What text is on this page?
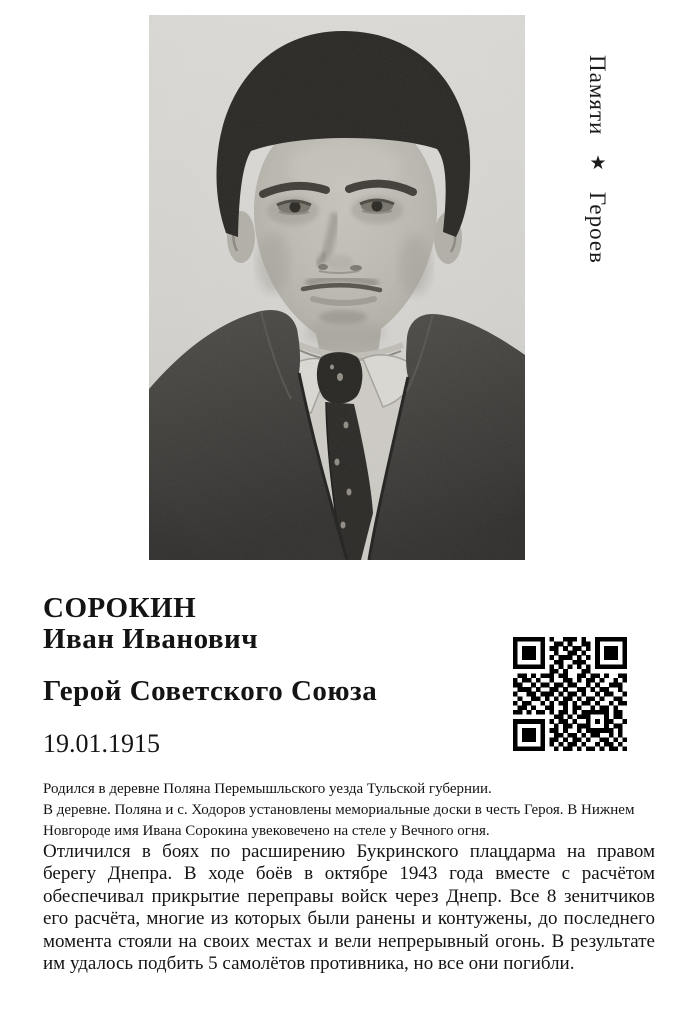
Памяти ★ Героев
СОРОКИН
Иван Иванович
Герой Советского Союза
19.01.1915

Родился в деревне Поляна Перемышльского уезда Тульской губернии.

В деревне. Поляна и с. Ходоров установлены мемориальные доски в честь Героя. В Нижнем Новгороде имя Ивана Сорокина увековечено на стеле у Вечного огня.

Отличился в боях по расширению Букринского плацдарма на правом берегу Днепра. В ходе боёв в октябре 1943 года вместе с расчётом обеспечивал прикрытие переправы войск через Днепр. Все 8 зенитчиков его расчёта, многие из которых были ранены и контужены, до последнего момента стояли на своих местах и вели непрерывный огонь. В результате им удалось подбить 5 самолётов противника, но все они погибли.
